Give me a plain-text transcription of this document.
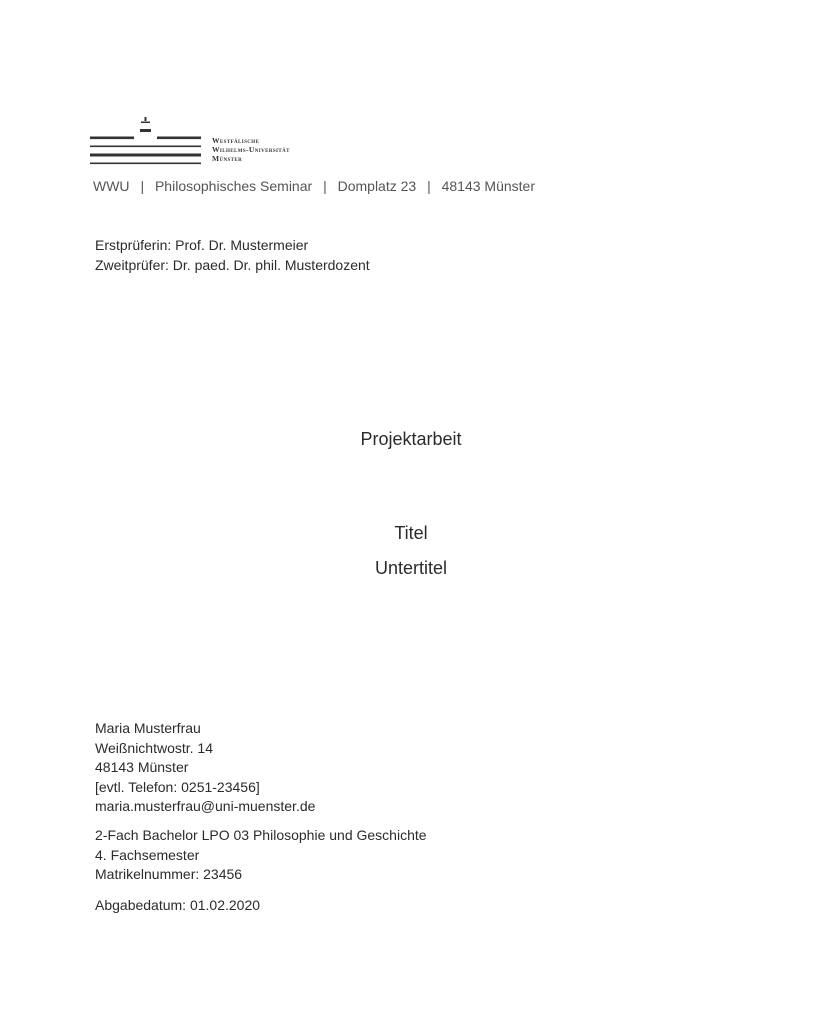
Westfälische
Wilhelms-Universität
Münster
WWU | Philosophisches Seminar | Domplatz 23 | 48143 Münster
Erstprüferin: Prof. Dr. Mustermeier
Zweitprüfer: Dr. paed. Dr. phil. Musterdozent
Projektarbeit
Titel
Untertitel
Maria Musterfrau
Weißnichtwostr. 14
48143 Münster
[evtl. Telefon: 0251-23456]
maria.musterfrau@uni-muenster.de
2-Fach Bachelor LPO 03 Philosophie und Geschichte
4. Fachsemester
Matrikelnummer: 23456
Abgabedatum: 01.02.2020
